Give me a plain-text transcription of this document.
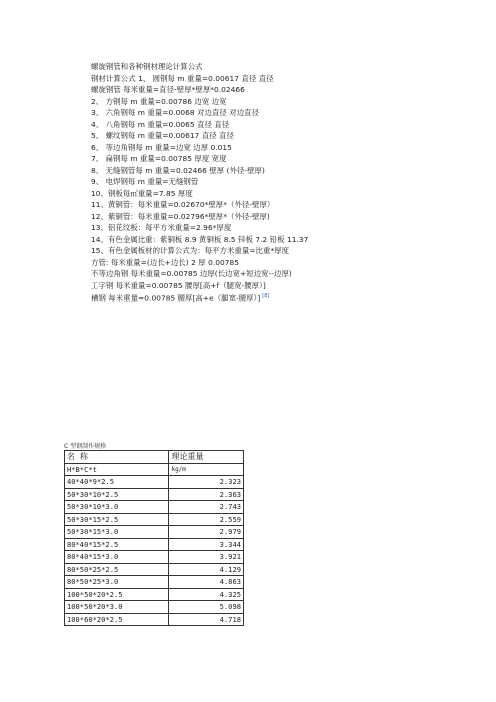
螺旋钢管和各种钢材理论计算公式
钢材计算公式 1、 圆钢每 m 重量=0.00617 直径 直径
螺旋钢管 每米重量=直径-壁厚*壁厚*0.02466
2、 方钢每 m 重量=0.00786 边宽 边宽
3、 六角钢每 m 重量=0.0068 对边直径 对边直径
4、 八角钢每 m 重量=0.0065 直径 直径
5、 螺纹钢每 m 重量=0.00617 直径 直径
6、 等边角钢每 m 重量=边宽 边厚 0.015
7、 扁钢每 m 重量=0.00785 厚度 宽度
8、 无缝钢管每 m 重量=0.02466 壁厚 (外径-壁厚)
9、 电焊钢每 m 重量=无缝钢管
10、钢板每㎡重量=7.85 厚度
11、黄铜管：每米重量=0.02670*壁厚*（外径-壁厚）
12、紫铜管：每米重量=0.02796*壁厚*（外径-壁厚)
13、铝花纹板：每平方米重量=2.96*厚度
14、有色金属比重：紫铜板 8.9 黄铜板 8.5 锌板 7.2 铅板 11.37
15、有色金属板材的计算公式为：每平方米重量=比重*厚度
方管: 每米重量=(边长+边长) 2 厚 0.00785
不等边角钢 每米重量=0.00785 边厚(长边宽+短边宽--边厚)
工字钢 每米重量=0.00785 腰厚[高+f（腿宽-腰厚）]
槽钢 每米重量=0.00785 腰厚[高+e（腿宽-腰厚）] [8]
C 型钢制作规格
名 称	理论重量
H*B*C*t	kg/m
40*40*9*2.5	2.323
50*30*10*2.5	2.363
50*30*10*3.0	2.743
50*30*15*2.5	2.559
50*30*15*3.0	2.979
80*40*15*2.5	3.344
80*40*15*3.0	3.921
80*50*25*2.5	4.129
80*50*25*3.0	4.863
100*50*20*2.5	4.325
100*50*20*3.0	5.098
100*60*20*2.5	4.718
